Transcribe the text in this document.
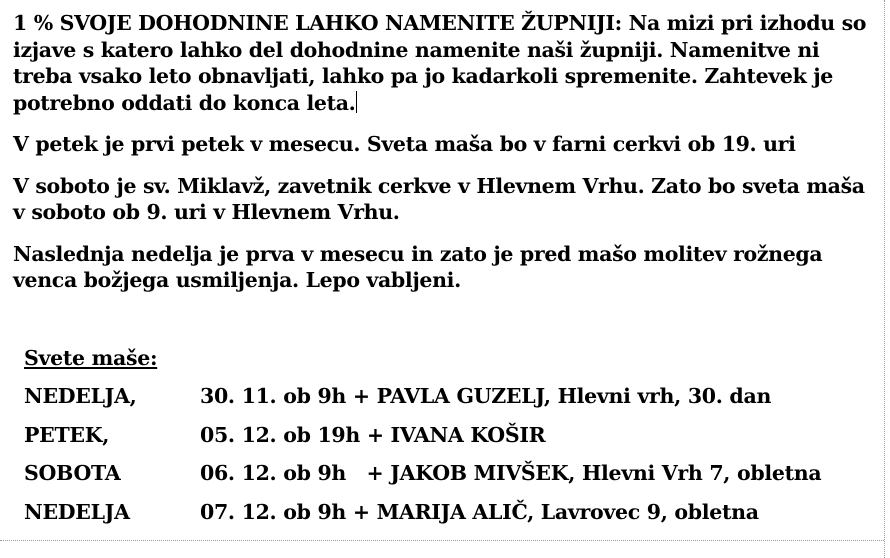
1 % SVOJE DOHODNINE LAHKO NAMENITE ŽUPNIJI: Na mizi pri izhodu so izjave s katero lahko del dohodnine namenite naši župniji. Namenitve ni treba vsako leto obnavljati, lahko pa jo kadarkoli spremenite. Zahtevek je potrebno oddati do konca leta.

V petek je prvi petek v mesecu. Sveta maša bo v farni cerkvi ob 19. uri

V soboto je sv. Miklavž, zavetnik cerkve v Hlevnem Vrhu. Zato bo sveta maša v soboto ob 9. uri v Hlevnem Vrhu.

Naslednja nedelja je prva v mesecu in zato je pred mašo molitev rožnega venca božjega usmiljenja. Lepo vabljeni.

Svete maše:
NEDELJA,	30. 11. ob 9h + PAVLA GUZELJ, Hlevni vrh, 30. dan
PETEK,	05. 12. ob 19h + IVANA KOŠIR
SOBOTA	06. 12. ob 9h   + JAKOB MIVŠEK, Hlevni Vrh 7, obletna
NEDELJA	07. 12. ob 9h + MARIJA ALIČ, Lavrovec 9, obletna
